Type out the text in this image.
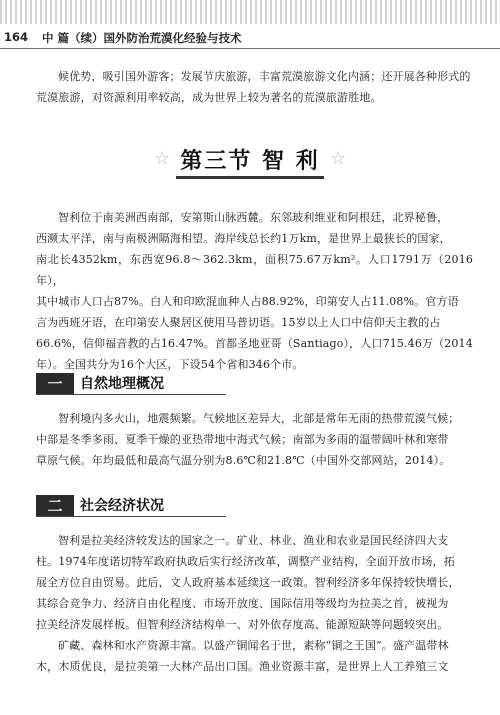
164 中 篇（续）国外防治荒漠化经验与技术

候优势，吸引国外游客；发展节庆旅游，丰富荒漠旅游文化内涵；还开展各种形式的

荒漠旅游，对资源利用率较高，成为世界上较为著名的荒漠旅游胜地。

☆ 第三节 智 利 ☆

智利位于南美洲西南部，安第斯山脉西麓。东邻玻利维亚和阿根廷，北界秘鲁，

西濒太平洋，南与南极洲隔海相望。海岸线总长约1万km，是世界上最狭长的国家，

南北长4352km，东西宽96.8～362.3km，面积75.67万km²。人口1791万（2016年），

其中城市人口占87%。白人和印欧混血种人占88.92%，印第安人占11.08%。官方语

言为西班牙语，在印第安人聚居区使用马普切语。15岁以上人口中信仰天主教的占

66.6%，信仰福音教的占16.47%。首都圣地亚哥（Santiago），人口715.46万（2014

年）。全国共分为16个大区，下设54个省和346个市。

一	自然地理概况

智利境内多火山，地震频繁。气候地区差异大，北部是常年无雨的热带荒漠气候；

中部是冬季多雨、夏季干燥的亚热带地中海式气候；南部为多雨的温带阔叶林和寒带

草原气候。年均最低和最高气温分别为8.6℃和21.8℃（中国外交部网站，2014）。

二	社会经济状况

智利是拉美经济较发达的国家之一。矿业、林业、渔业和农业是国民经济四大支

柱。1974年度诺切特军政府执政后实行经济改革，调整产业结构，全面开放市场，拓

展全方位自由贸易。此后，文人政府基本延续这一政策。智利经济多年保持较快增长，

其综合竞争力、经济自由化程度、市场开放度、国际信用等级均为拉美之首，被视为

拉美经济发展样板。但智利经济结构单一、对外依存度高、能源短缺等问题较突出。

矿藏、森林和水产资源丰富。以盛产铜闻名于世，素称“铜之王国”。盛产温带林

木，木质优良，是拉美第一大林产品出口国。渔业资源丰富，是世界上人工养殖三文
